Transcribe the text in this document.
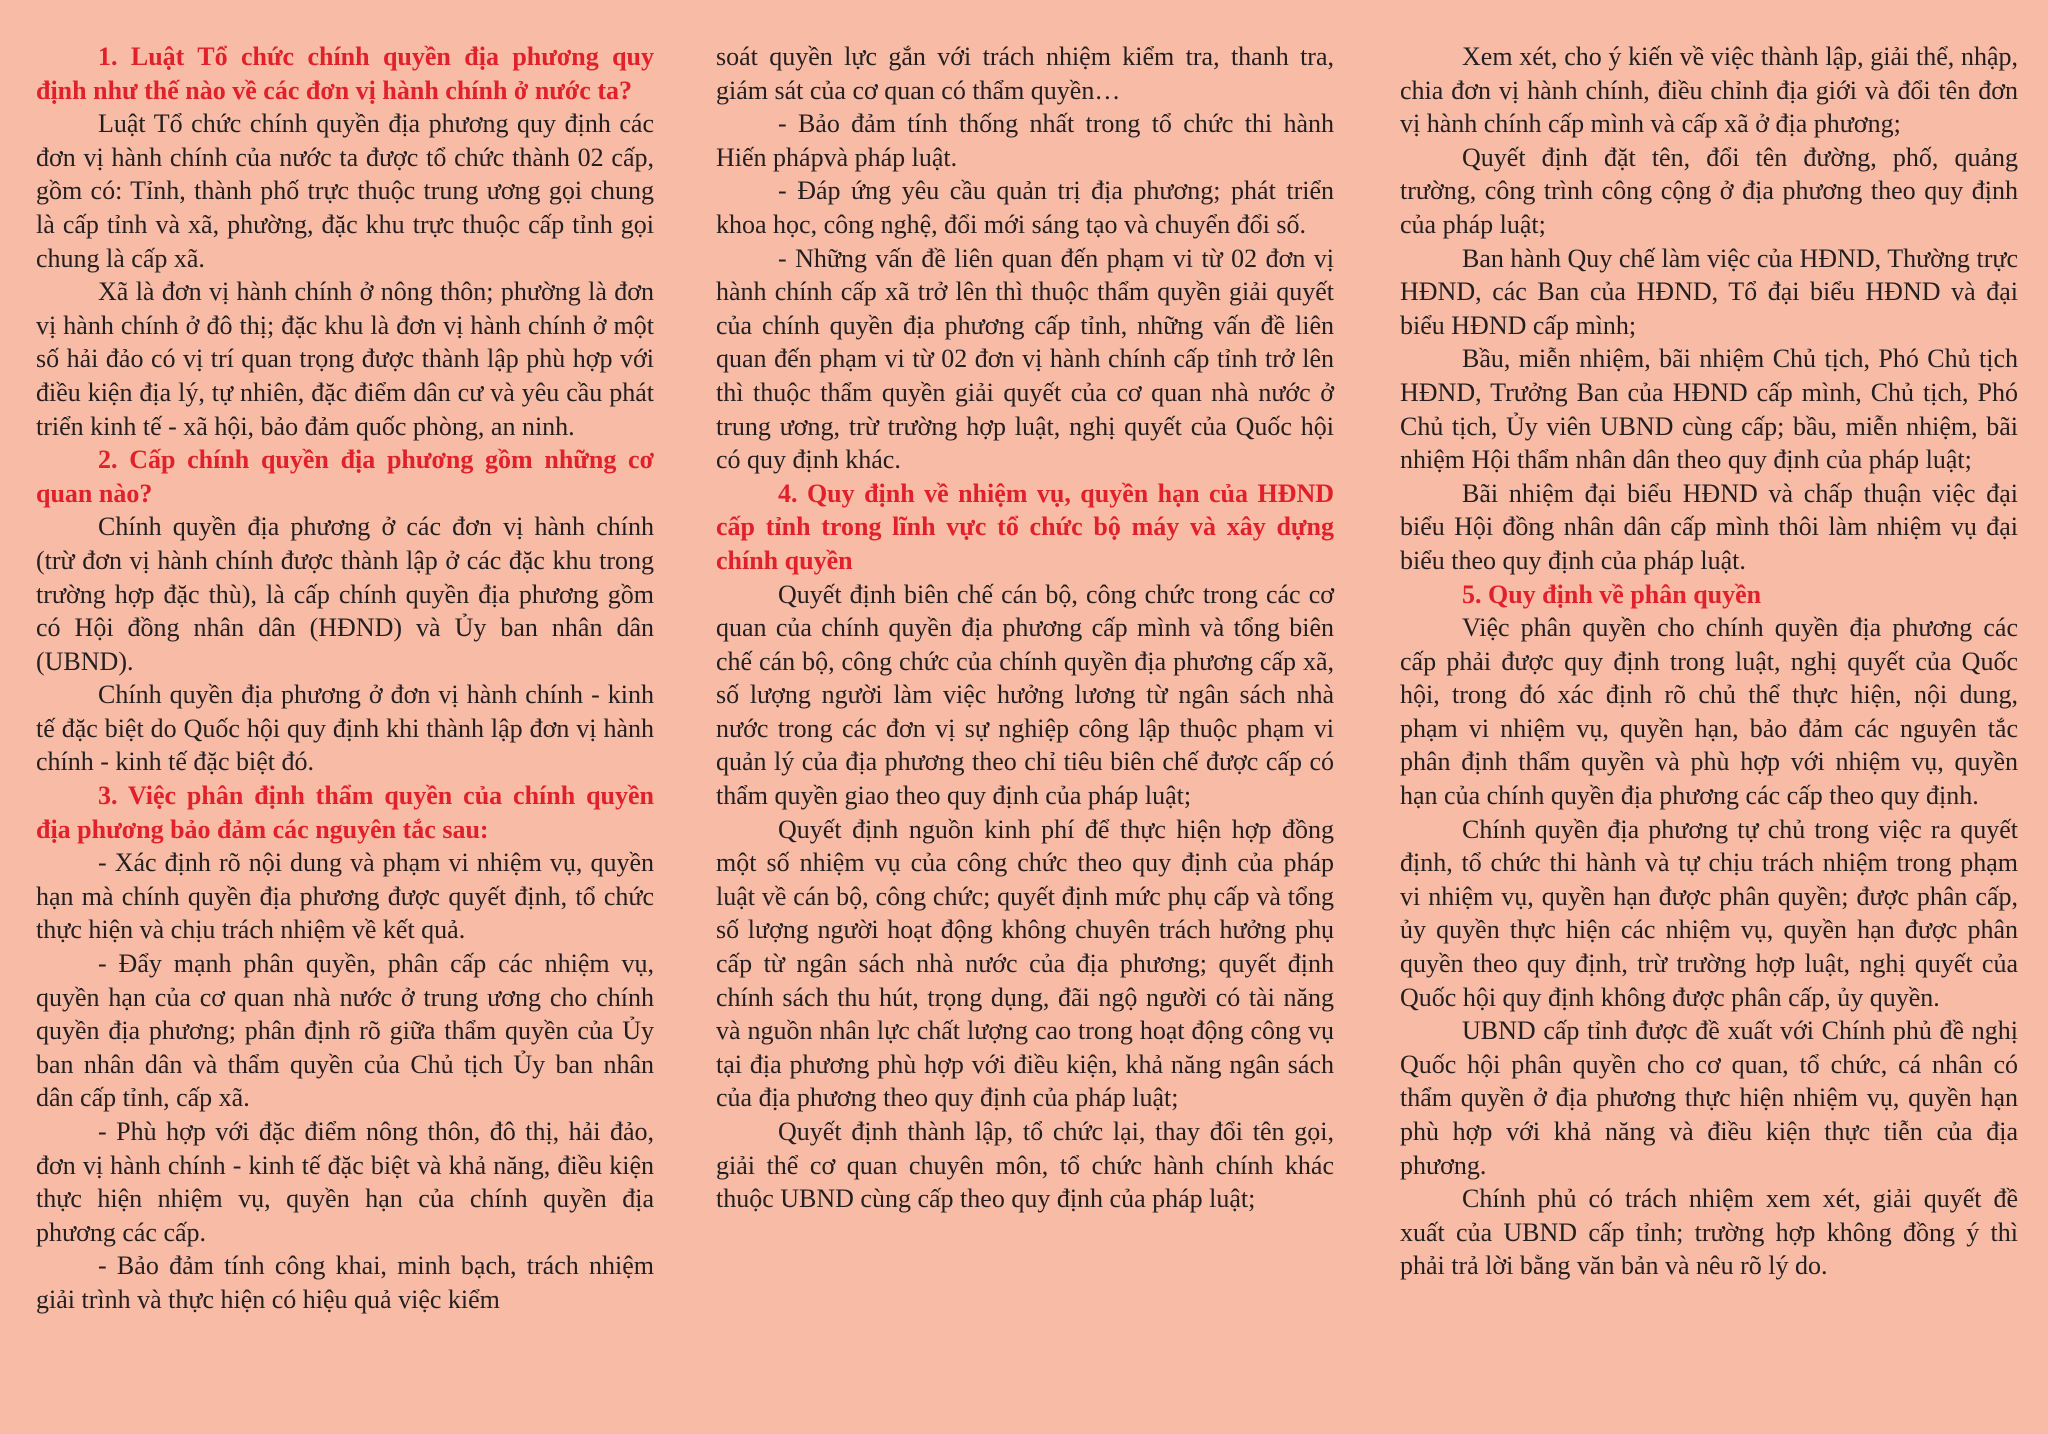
1. Luật Tổ chức chính quyền địa phương quy định như thế nào về các đơn vị hành chính ở nước ta?

Luật Tổ chức chính quyền địa phương quy định các đơn vị hành chính của nước ta được tổ chức thành 02 cấp, gồm có: Tỉnh, thành phố trực thuộc trung ương gọi chung là cấp tỉnh và xã, phường, đặc khu trực thuộc cấp tỉnh gọi chung là cấp xã.

Xã là đơn vị hành chính ở nông thôn; phường là đơn vị hành chính ở đô thị; đặc khu là đơn vị hành chính ở một số hải đảo có vị trí quan trọng được thành lập phù hợp với điều kiện địa lý, tự nhiên, đặc điểm dân cư và yêu cầu phát triển kinh tế - xã hội, bảo đảm quốc phòng, an ninh.

2. Cấp chính quyền địa phương gồm những cơ quan nào?

Chính quyền địa phương ở các đơn vị hành chính (trừ đơn vị hành chính được thành lập ở các đặc khu trong trường hợp đặc thù), là cấp chính quyền địa phương gồm có Hội đồng nhân dân (HĐND) và Ủy ban nhân dân (UBND).

Chính quyền địa phương ở đơn vị hành chính - kinh tế đặc biệt do Quốc hội quy định khi thành lập đơn vị hành chính - kinh tế đặc biệt đó.

3. Việc phân định thẩm quyền của chính quyền địa phương bảo đảm các nguyên tắc sau:

- Xác định rõ nội dung và phạm vi nhiệm vụ, quyền hạn mà chính quyền địa phương được quyết định, tổ chức thực hiện và chịu trách nhiệm về kết quả.

- Đẩy mạnh phân quyền, phân cấp các nhiệm vụ, quyền hạn của cơ quan nhà nước ở trung ương cho chính quyền địa phương; phân định rõ giữa thẩm quyền của Ủy ban nhân dân và thẩm quyền của Chủ tịch Ủy ban nhân dân cấp tỉnh, cấp xã.

- Phù hợp với đặc điểm nông thôn, đô thị, hải đảo, đơn vị hành chính - kinh tế đặc biệt và khả năng, điều kiện thực hiện nhiệm vụ, quyền hạn của chính quyền địa phương các cấp.

- Bảo đảm tính công khai, minh bạch, trách nhiệm giải trình và thực hiện có hiệu quả việc kiểm

soát quyền lực gắn với trách nhiệm kiểm tra, thanh tra, giám sát của cơ quan có thẩm quyền…

- Bảo đảm tính thống nhất trong tổ chức thi hành Hiến phápvà pháp luật.

- Đáp ứng yêu cầu quản trị địa phương; phát triển khoa học, công nghệ, đổi mới sáng tạo và chuyển đổi số.

- Những vấn đề liên quan đến phạm vi từ 02 đơn vị hành chính cấp xã trở lên thì thuộc thẩm quyền giải quyết của chính quyền địa phương cấp tỉnh, những vấn đề liên quan đến phạm vi từ 02 đơn vị hành chính cấp tỉnh trở lên thì thuộc thẩm quyền giải quyết của cơ quan nhà nước ở trung ương, trừ trường hợp luật, nghị quyết của Quốc hội có quy định khác.

4. Quy định về nhiệm vụ, quyền hạn của HĐND cấp tỉnh trong lĩnh vực tổ chức bộ máy và xây dựng chính quyền

Quyết định biên chế cán bộ, công chức trong các cơ quan của chính quyền địa phương cấp mình và tổng biên chế cán bộ, công chức của chính quyền địa phương cấp xã, số lượng người làm việc hưởng lương từ ngân sách nhà nước trong các đơn vị sự nghiệp công lập thuộc phạm vi quản lý của địa phương theo chỉ tiêu biên chế được cấp có thẩm quyền giao theo quy định của pháp luật;

Quyết định nguồn kinh phí để thực hiện hợp đồng một số nhiệm vụ của công chức theo quy định của pháp luật về cán bộ, công chức; quyết định mức phụ cấp và tổng số lượng người hoạt động không chuyên trách hưởng phụ cấp từ ngân sách nhà nước của địa phương; quyết định chính sách thu hút, trọng dụng, đãi ngộ người có tài năng và nguồn nhân lực chất lượng cao trong hoạt động công vụ tại địa phương phù hợp với điều kiện, khả năng ngân sách của địa phương theo quy định của pháp luật;

Quyết định thành lập, tổ chức lại, thay đổi tên gọi, giải thể cơ quan chuyên môn, tổ chức hành chính khác thuộc UBND cùng cấp theo quy định của pháp luật;

Xem xét, cho ý kiến về việc thành lập, giải thể, nhập, chia đơn vị hành chính, điều chỉnh địa giới và đổi tên đơn vị hành chính cấp mình và cấp xã ở địa phương;

Quyết định đặt tên, đổi tên đường, phố, quảng trường, công trình công cộng ở địa phương theo quy định của pháp luật;

Ban hành Quy chế làm việc của HĐND, Thường trực HĐND, các Ban của HĐND, Tổ đại biểu HĐND và đại biểu HĐND cấp mình;

Bầu, miễn nhiệm, bãi nhiệm Chủ tịch, Phó Chủ tịch HĐND, Trưởng Ban của HĐND cấp mình, Chủ tịch, Phó Chủ tịch, Ủy viên UBND cùng cấp; bầu, miễn nhiệm, bãi nhiệm Hội thẩm nhân dân theo quy định của pháp luật;

Bãi nhiệm đại biểu HĐND và chấp thuận việc đại biểu Hội đồng nhân dân cấp mình thôi làm nhiệm vụ đại biểu theo quy định của pháp luật.

5. Quy định về phân quyền

Việc phân quyền cho chính quyền địa phương các cấp phải được quy định trong luật, nghị quyết của Quốc hội, trong đó xác định rõ chủ thể thực hiện, nội dung, phạm vi nhiệm vụ, quyền hạn, bảo đảm các nguyên tắc phân định thẩm quyền và phù hợp với nhiệm vụ, quyền hạn của chính quyền địa phương các cấp theo quy định.

Chính quyền địa phương tự chủ trong việc ra quyết định, tổ chức thi hành và tự chịu trách nhiệm trong phạm vi nhiệm vụ, quyền hạn được phân quyền; được phân cấp, ủy quyền thực hiện các nhiệm vụ, quyền hạn được phân quyền theo quy định, trừ trường hợp luật, nghị quyết của Quốc hội quy định không được phân cấp, ủy quyền.

UBND cấp tỉnh được đề xuất với Chính phủ đề nghị Quốc hội phân quyền cho cơ quan, tổ chức, cá nhân có thẩm quyền ở địa phương thực hiện nhiệm vụ, quyền hạn phù hợp với khả năng và điều kiện thực tiễn của địa phương.

Chính phủ có trách nhiệm xem xét, giải quyết đề xuất của UBND cấp tỉnh; trường hợp không đồng ý thì phải trả lời bằng văn bản và nêu rõ lý do.
